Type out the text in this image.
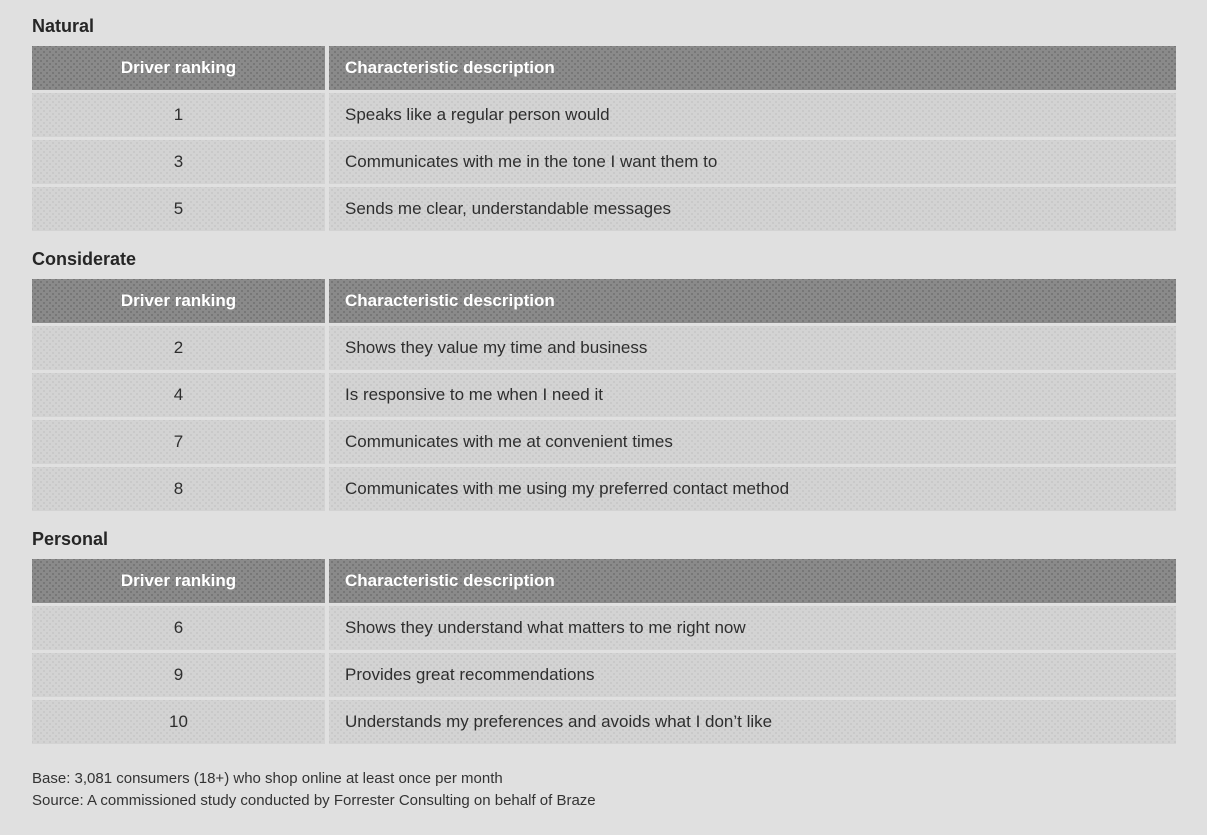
Natural
Driver ranking	Characteristic description
1	Speaks like a regular person would
3	Communicates with me in the tone I want them to
5	Sends me clear, understandable messages
Considerate
Driver ranking	Characteristic description
2	Shows they value my time and business
4	Is responsive to me when I need it
7	Communicates with me at convenient times
8	Communicates with me using my preferred contact method
Personal
Driver ranking	Characteristic description
6	Shows they understand what matters to me right now
9	Provides great recommendations
10	Understands my preferences and avoids what I don’t like
Base: 3,081 consumers (18+) who shop online at least once per month
Source: A commissioned study conducted by Forrester Consulting on behalf of Braze
